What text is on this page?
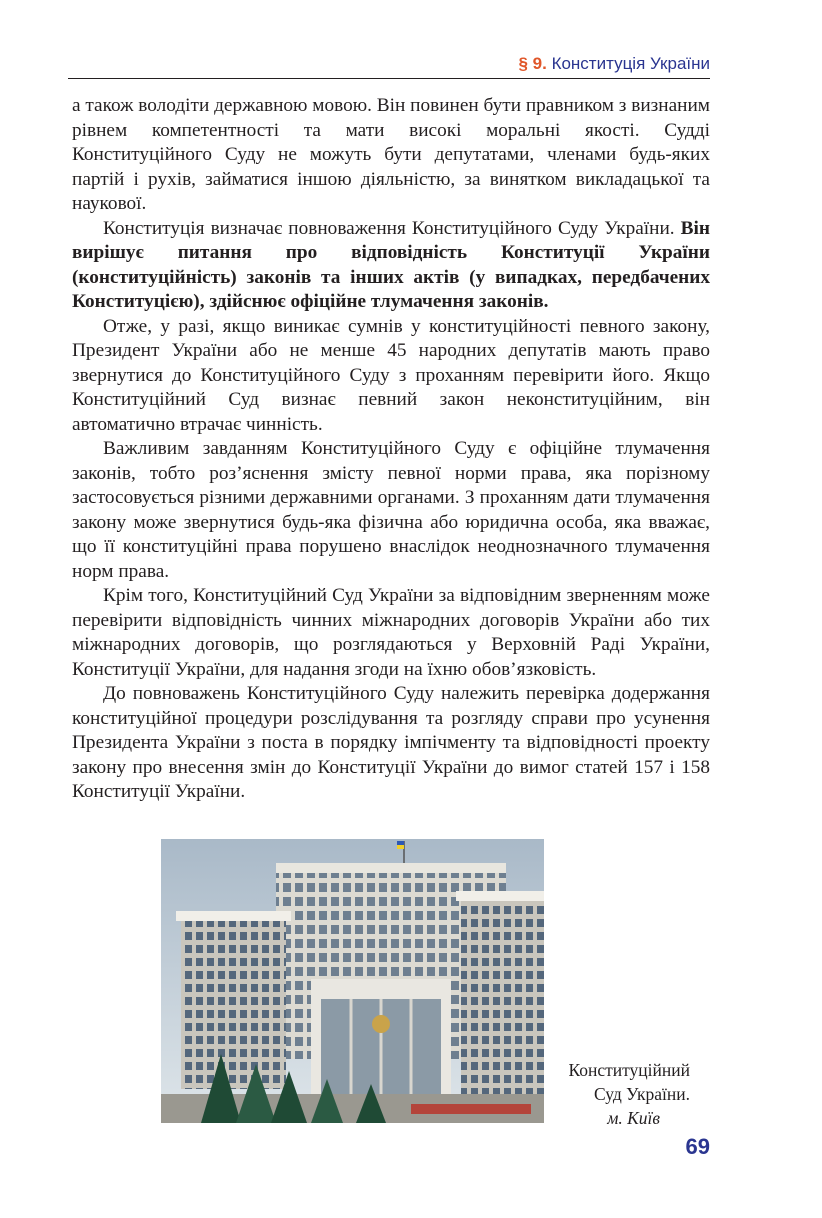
§ 9. Конституція України

а також володіти державною мовою. Він повинен бути правником з визнаним рівнем компетентності та мати високі моральні якості. Судді Конституційного Суду не можуть бути депутатами, членами будь-яких партій і рухів, займатися іншою діяльністю, за винятком викладацької та наукової.

Конституція визначає повноваження Конституційного Суду України. Він вирішує питання про відповідність Конституції України (конституційність) законів та інших актів (у випадках, передбачених Конституцією), здійснює офіційне тлумачення законів.

Отже, у разі, якщо виникає сумнів у конституційності певного закону, Президент України або не менше 45 народних депутатів мають право звернутися до Конституційного Суду з проханням перевірити його. Якщо Конституційний Суд визнає певний закон неконституційним, він автоматично втрачає чинність.

Важливим завданням Конституційного Суду є офіційне тлумачення законів, тобто роз’яснення змісту певної норми права, яка порізному застосовується різними державними органами. З проханням дати тлумачення закону може звернутися будь-яка фізична або юридична особа, яка вважає, що її конституційні права порушено внаслідок неоднозначного тлумачення норм права.

Крім того, Конституційний Суд України за відповідним зверненням може перевірити відповідність чинних міжнародних договорів України або тих міжнародних договорів, що розглядаються у Верховній Раді України, Конституції України, для надання згоди на їхню обов’язковість.

До повноважень Конституційного Суду належить перевірка додержання конституційної процедури розслідування та розгляду справи про усунення Президента України з поста в порядку імпічменту та відповідності проекту закону про внесення змін до Конституції України до вимог статей 157 і 158 Конституції України.

Конституційний
Суд України.
м. Київ
69
